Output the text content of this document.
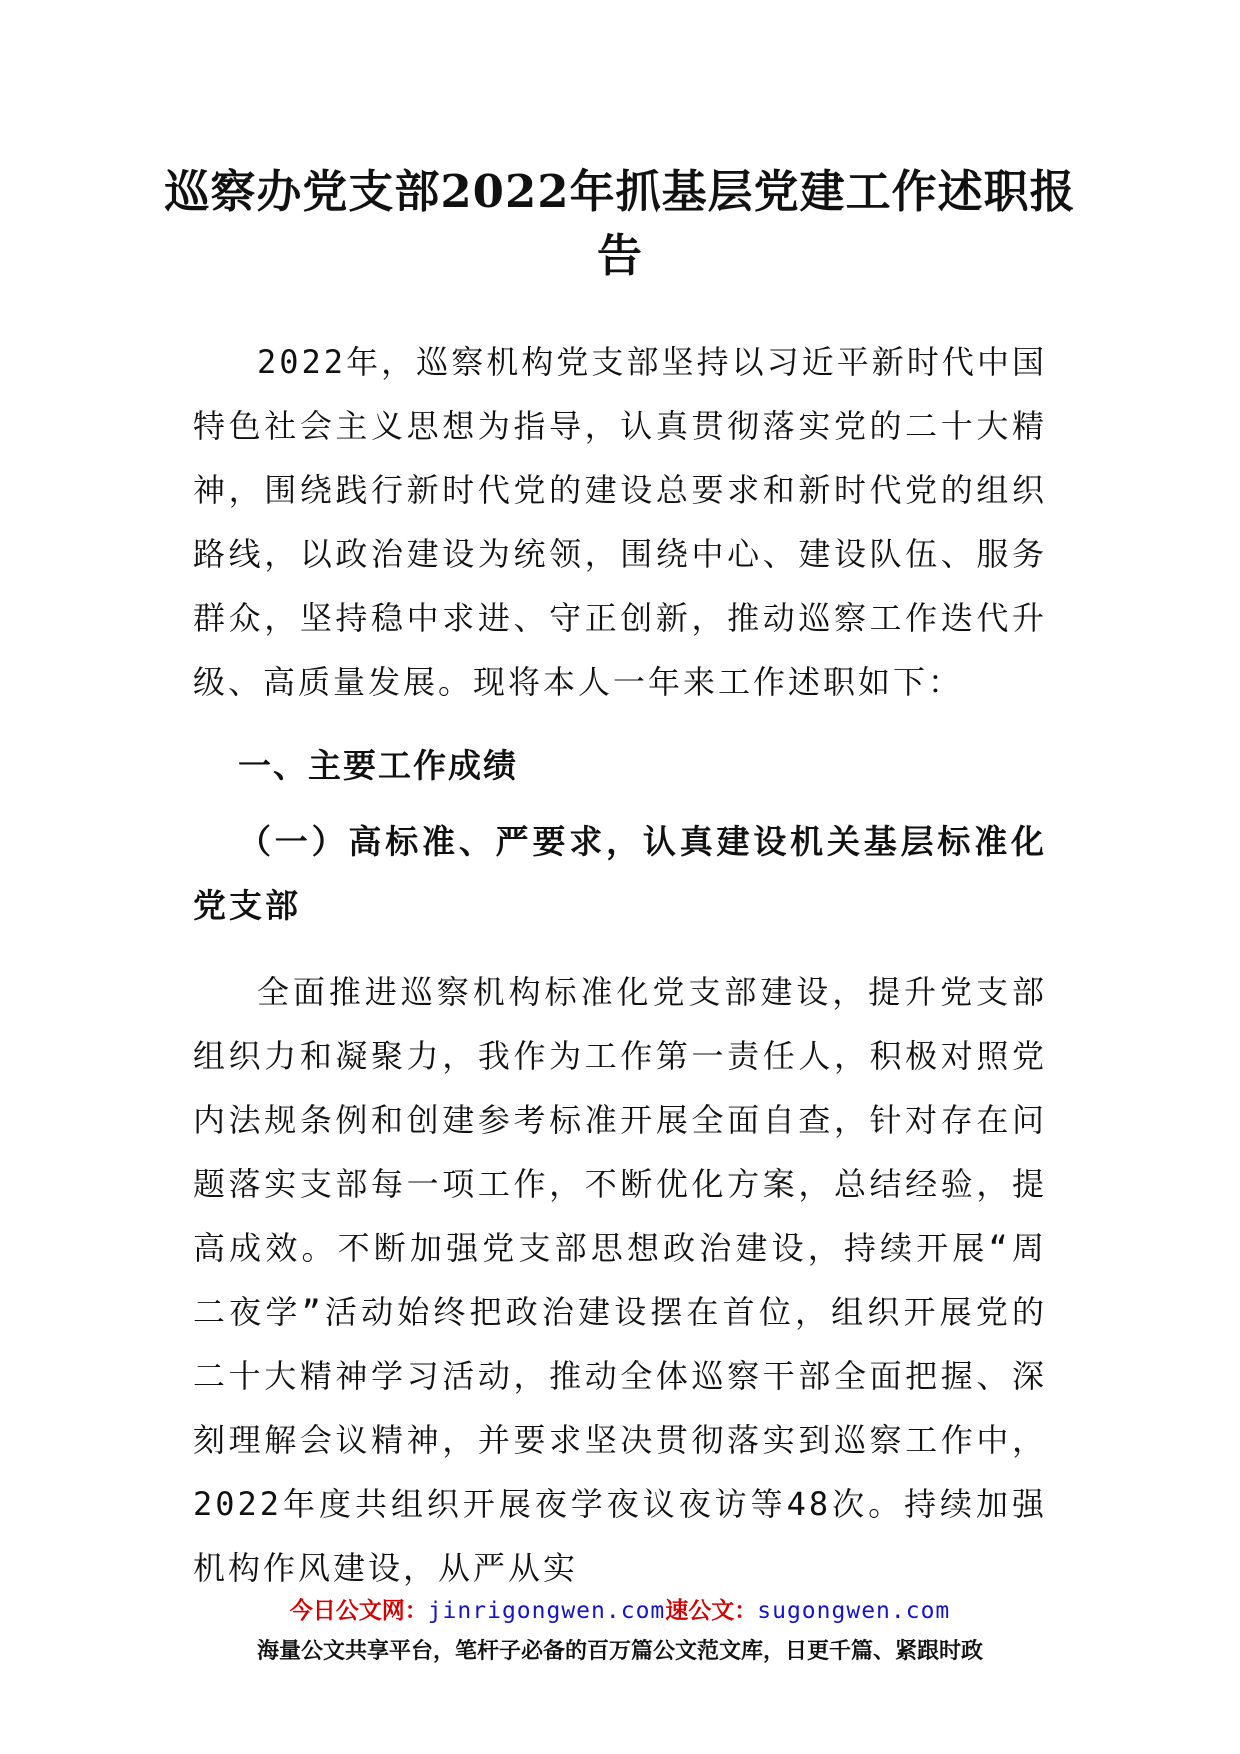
巡察办党支部2022年抓基层党建工作述职报告
2022年，巡察机构党支部坚持以习近平新时代中国特色社会主义思想为指导，认真贯彻落实党的二十大精神，围绕践行新时代党的建设总要求和新时代党的组织路线，以政治建设为统领，围绕中心、建设队伍、服务群众，坚持稳中求进、守正创新，推动巡察工作迭代升级、高质量发展。现将本人一年来工作述职如下：
一、主要工作成绩
（一）高标准、严要求，认真建设机关基层标准化党支部
全面推进巡察机构标准化党支部建设，提升党支部组织力和凝聚力，我作为工作第一责任人，积极对照党内法规条例和创建参考标准开展全面自查，针对存在问题落实支部每一项工作，不断优化方案，总结经验，提高成效。不断加强党支部思想政治建设，持续开展“周二夜学”活动始终把政治建设摆在首位，组织开展党的二十大精神学习活动，推动全体巡察干部全面把握、深刻理解会议精神，并要求坚决贯彻落实到巡察工作中，2022年度共组织开展夜学夜议夜访等48次。持续加强机构作风建设，从严从实
今日公文网：jinrigongwen.com速公文：sugongwen.com
海量公文共享平台，笔杆子必备的百万篇公文范文库，日更千篇、紧跟时政
